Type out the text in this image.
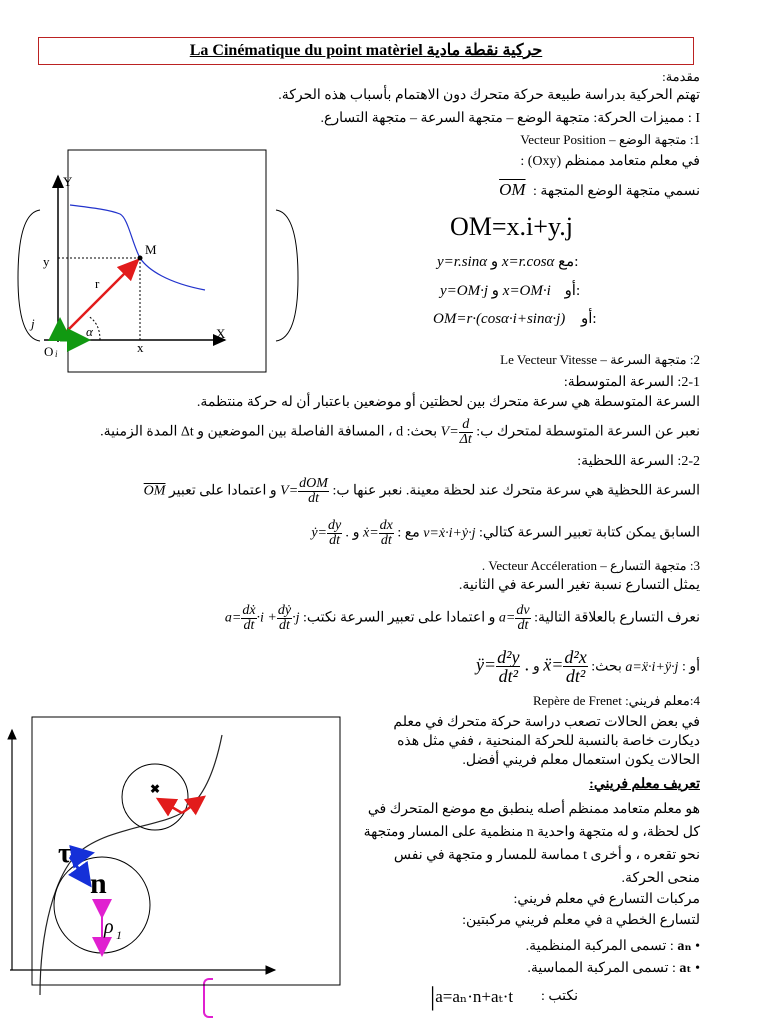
La Cinématique du point matèriel حركية نقطة مادية
مقدمة:
تهتم الحركية بدراسة طبيعة حركة متحرك دون الاهتمام بأسباب هذه الحركة.
I : مميزات الحركة: متجهة الوضع – متجهة السرعة – متجهة التسارع.
1: متجهة الوضع – Vecteur Position
في معلم متعامد ممنظم (Oxy) :
نسمي متجهة الوضع المتجهة : OM
OM=x.i+y.j
y=r.sinα و x=r.cosα مع:
y=OM·j و x=OM·i أو:
OM=r·(cosα·i+sinα·j) أو:
Y
X
y
x
M
r
α
j
O i	2: متجهة السرعة – Le Vecteur Vitesse
2-1: السرعة المتوسطة:
السرعة المتوسطة هي سرعة متحرك بين لحظتين أو موضعين باعتبار أن له حركة منتظمة.
نعبر عن السرعة المتوسطة لمتحرك ب: $V= \frac{d}{\Delta t}$
بحث: d ، المسافة الفاصلة بين الموضعين و Δt المدة الزمنية.
2-2: السرعة اللحظية:
السرعة اللحظية هي سرعة متحرك عند لحظة معينة. نعبر عنها ب: $V= \frac{\text{dOM}}{dt}$
و اعتمادا على تعبير OM
السابق يمكن كتابة تعبير السرعة كتالي: v=ẋ·i+ẏ·j مع : ẋ= $\frac{dx}{dt}$
و ẏ= $\frac{dy}{dt}$ .
3: متجهة التسارع – Vecteur Accéleration .
يمثل التسارع نسبة تغير السرعة في الثانية.
نعرف التسارع بالعلاقة التالية: $a= \frac{dv}{dt}$
و اعتمادا على تعبير السرعة نكتب: $a= \frac{\text{dẋ}}{dt} \cdot i + \frac{\text{dẏ}}{dt} \cdot j$
أو : a=ẍ·i+ÿ·j بحث: ẍ= $\frac{\text{d²x}}{\text{dt²}}$
و ÿ= $\frac{\text{d²y}}{\text{dt²}}$ .
4:معلم فريني: Repère de Frenet
في بعض الحالات تصعب دراسة حركة متحرك في معلم
ديكارت خاصة بالنسبة للحركة المنحنية ، ففي مثل هذه
الحالات يكون استعمال معلم فريني أفضل.
تعريف معلم فريني:
هو معلم متعامد ممنظم أصله ينطبق مع موضع المتحرك في
كل لحظة، و له متجهة واحدية n منظمية على المسار ومتجهة
نحو تقعره ، و أخرى t مماسة للمسار و متجهة في نفس
منحى الحركة.
مركبات التسارع في معلم فريني:
لتسارع الخطي a في معلم فريني مركبتين:
• aₙ : تسمى المركبة المنظمية.
• aₜ : تسمى المركبة المماسية.
نكتب :
|a=aₙ·n+aₜ·t
✖
✖
τ
n
ρ 1
